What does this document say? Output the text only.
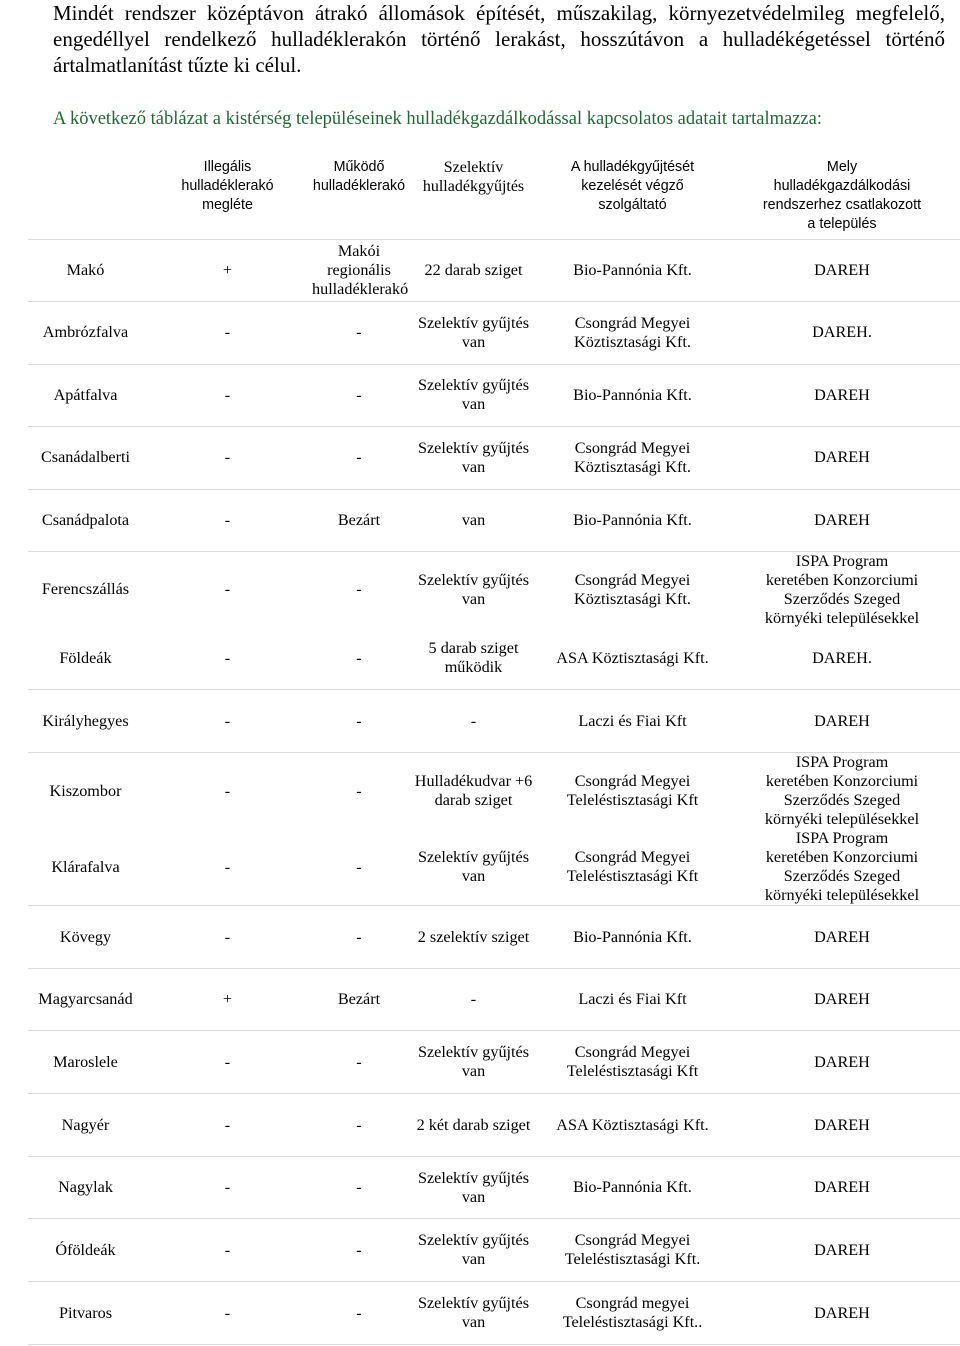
Mindét rendszer középtávon átrakó állomások építését, műszakilag, környezetvédelmileg megfelelő, engedéllyel rendelkező hulladéklerakón történő lerakást, hosszútávon a hulladékégetéssel történő ártalmatlanítást tűzte ki célul.
A következő táblázat a kistérség településeinek hulladékgazdálkodással kapcsolatos adatait tartalmazza:
	Illegális
hulladéklerakó
megléte	Működő
hulladéklerakó	Szelektív
hulladékgyűjtés	A hulladékgyűjtését
kezelését végző
szolgáltató	Mely
hulladékgazdálkodási
rendszerhez csatlakozott
a település
Makó	+	Makói regionális
hulladéklerakó	22 darab sziget	Bio-Pannónia Kft.	DAREH
Ambrózfalva	-	-	Szelektív gyűjtés
van	Csongrád Megyei
Köztisztasági Kft.	DAREH.
Apátfalva	-	-	Szelektív gyűjtés
van	Bio-Pannónia Kft.	DAREH
Csanádalberti	-	-	Szelektív gyűjtés
van	Csongrád Megyei
Köztisztasági Kft.	DAREH
Csanádpalota	-	Bezárt	van	Bio-Pannónia Kft.	DAREH
Ferencszállás	-	-	Szelektív gyűjtés
van	Csongrád Megyei
Köztisztasági Kft.	ISPA Program
keretében Konzorciumi
Szerződés Szeged
környéki településekkel
Földeák	-	-	5 darab sziget
működik	ASA Köztisztasági Kft.	DAREH.
Királyhegyes	-	-	-	Laczi és Fiai Kft	DAREH
Kiszombor	-	-	Hulladékudvar +6
darab sziget	Csongrád Megyei
Teleléstisztasági Kft	ISPA Program
keretében Konzorciumi
Szerződés Szeged
környéki településekkel
Klárafalva	-	-	Szelektív gyűjtés
van	Csongrád Megyei
Teleléstisztasági Kft	ISPA Program
keretében Konzorciumi
Szerződés Szeged
környéki településekkel
Kövegy	-	-	2 szelektív sziget	Bio-Pannónia Kft.	DAREH
Magyarcsanád	+	Bezárt	-	Laczi és Fiai Kft	DAREH
Maroslele	-	-	Szelektív gyűjtés
van	Csongrád Megyei
Teleléstisztasági Kft	DAREH
Nagyér	-	-	2 két darab sziget	ASA Köztisztasági Kft.	DAREH
Nagylak	-	-	Szelektív gyűjtés
van	Bio-Pannónia Kft.	DAREH
Óföldeák	-	-	Szelektív gyűjtés
van	Csongrád Megyei
Teleléstisztasági Kft.	DAREH
Pitvaros	-	-	Szelektív gyűjtés
van	Csongrád megyei
Teleléstisztasági Kft..	DAREH
